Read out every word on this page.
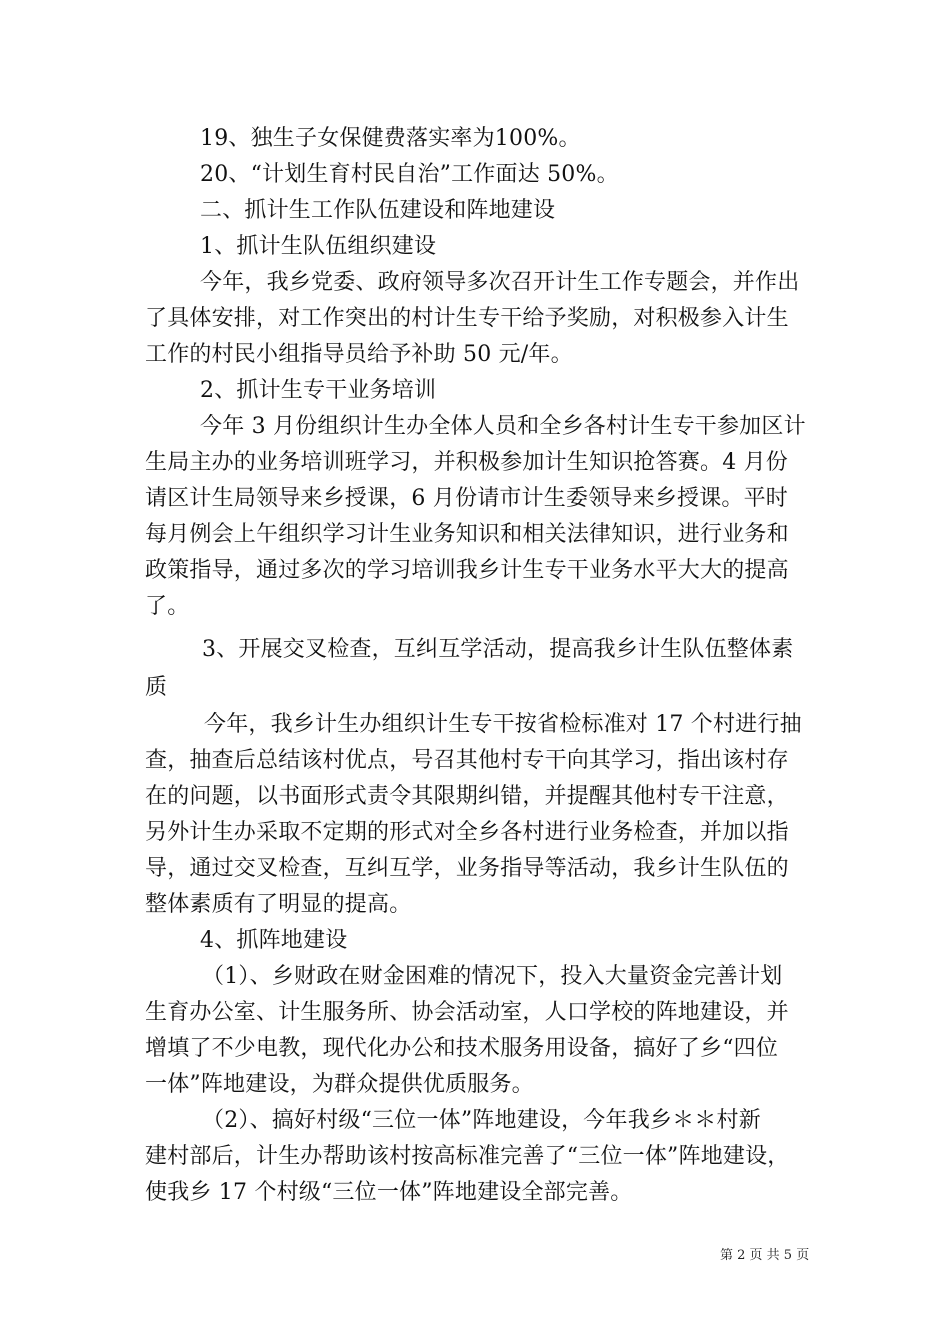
19、独生子女保健费落实率为100%。
20、“计划生育村民自治”工作面达 50%。
二、抓计生工作队伍建设和阵地建设
1、抓计生队伍组织建设
今年，我乡党委、政府领导多次召开计生工作专题会，并作出
了具体安排，对工作突出的村计生专干给予奖励，对积极参入计生
工作的村民小组指导员给予补助 50 元/年。
2、抓计生专干业务培训
今年 3 月份组织计生办全体人员和全乡各村计生专干参加区计
生局主办的业务培训班学习，并积极参加计生知识抢答赛。4 月份
请区计生局领导来乡授课，6 月份请市计生委领导来乡授课。平时
每月例会上午组织学习计生业务知识和相关法律知识，进行业务和
政策指导，通过多次的学习培训我乡计生专干业务水平大大的提高
了。
3、开展交叉检查，互纠互学活动，提高我乡计生队伍整体素
质
今年，我乡计生办组织计生专干按省检标准对 17 个村进行抽
查，抽查后总结该村优点，号召其他村专干向其学习，指出该村存
在的问题，以书面形式责令其限期纠错，并提醒其他村专干注意，
另外计生办采取不定期的形式对全乡各村进行业务检查，并加以指
导，通过交叉检查，互纠互学，业务指导等活动，我乡计生队伍的
整体素质有了明显的提高。
4、抓阵地建设
（1）、乡财政在财金困难的情况下，投入大量资金完善计划
生育办公室、计生服务所、协会活动室，人口学校的阵地建设，并
增填了不少电教，现代化办公和技术服务用设备，搞好了乡“四位
一体”阵地建设，为群众提供优质服务。
（2）、搞好村级“三位一体”阵地建设，今年我乡＊＊村新
建村部后，计生办帮助该村按高标准完善了“三位一体”阵地建设，
使我乡 17 个村级“三位一体”阵地建设全部完善。
第 2 页 共 5 页
